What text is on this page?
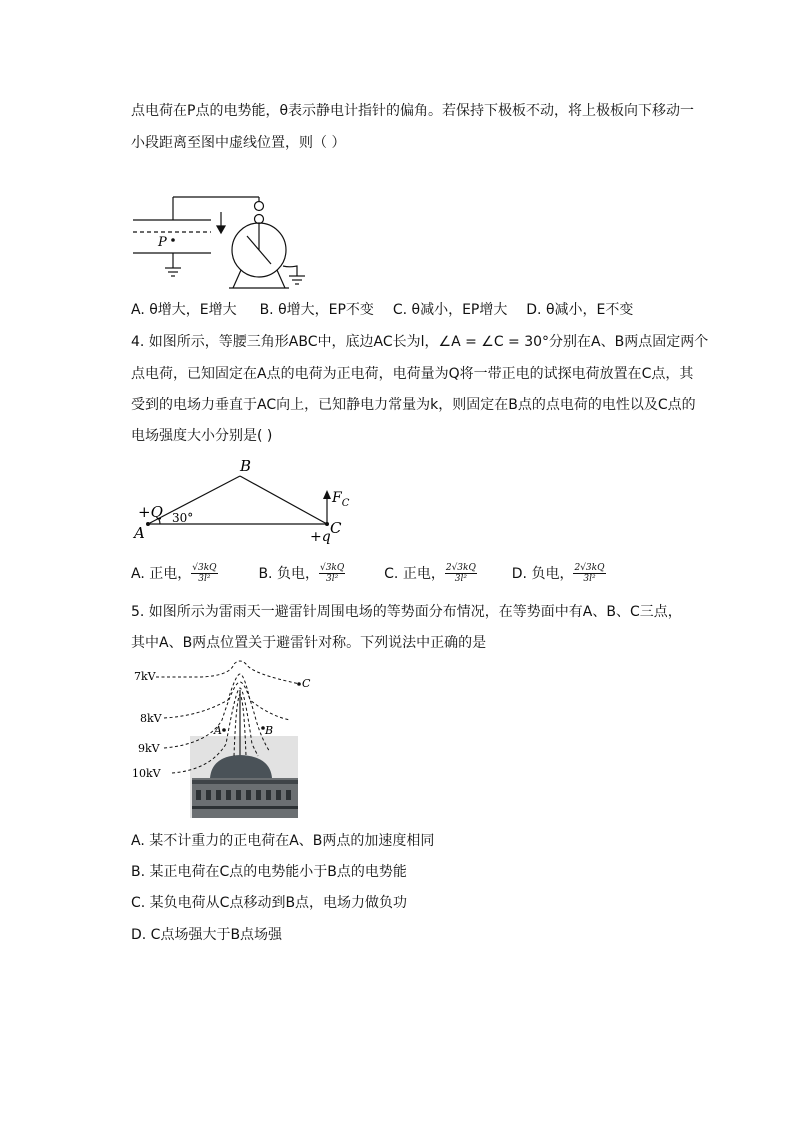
点电荷在P点的电势能，θ表示静电计指针的偏角。若保持下极板不动，将上极板向下移动一
小段距离至图中虚线位置，则（ ）
P
A. θ增大，E增大 B. θ增大，EP不变 C. θ减小，EP增大 D. θ减小，E不变
4. 如图所示，等腰三角形ABC中，底边AC长为l，∠A = ∠C = 30°分别在A、B两点固定两个
点电荷，已知固定在A点的电荷为正电荷，电荷量为Q将一带正电的试探电荷放置在C点，其
受到的电场力垂直于AC向上，已知静电力常量为k，则固定在B点的点电荷的电性以及C点的
电场强度大小分别是( )
B
A	C
+Q 30°
+q
$F_C$
A. 正电， $\frac{√3kQ}{\text{3l²}}$	B. 负电， $\frac{√3kQ}{\text{3l²}}$	C. 正电， $\frac{2√3kQ}{\text{3l²}} D$. 负电， $\frac{2√3kQ}{\text{3l²}}$
5. 如图所示为雷雨天一避雷针周围电场的等势面分布情况，在等势面中有A、B、C三点，
其中A、B两点位置关于避雷针对称。下列说法中正确的是
7kV
8kV
9kV
10kV
A	B
C
A. 某不计重力的正电荷在A、B两点的加速度相同
B. 某正电荷在C点的电势能小于B点的电势能
C. 某负电荷从C点移动到B点，电场力做负功
D. C点场强大于B点场强
